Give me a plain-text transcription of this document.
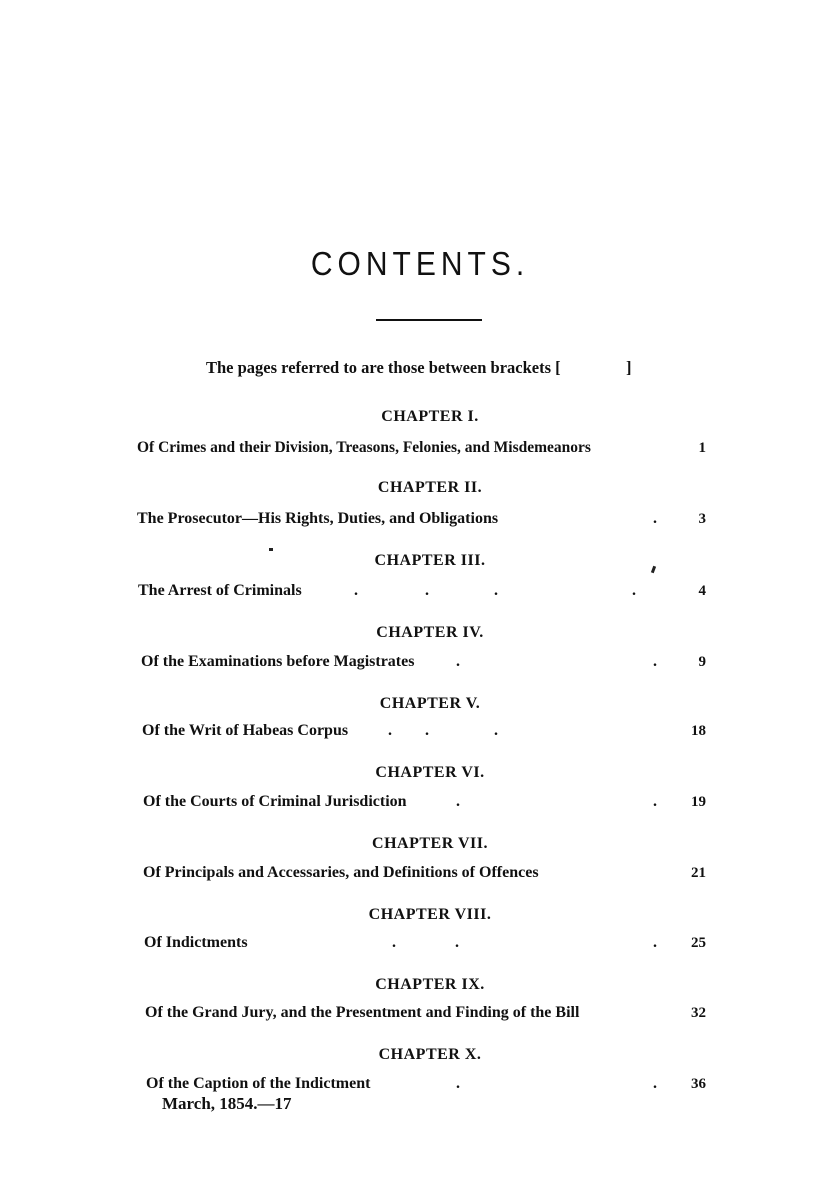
CONTENTS.
The pages referred to are those between brackets [	]
CHAPTER I.
Of Crimes and their Division, Treasons, Felonies, and Misdemeanors	1
CHAPTER II.
The Prosecutor—His Rights, Duties, and Obligations	.	3
CHAPTER III.
The Arrest of Criminals	.	.	.	.	4
CHAPTER IV.
Of the Examinations before Magistrates	.	.	9
CHAPTER V.
Of the Writ of Habeas Corpus . .	.	18
CHAPTER VI.
Of the Courts of Criminal Jurisdiction	.	.	19
CHAPTER VII.
Of Principals and Accessaries, and Definitions of Offences	21
CHAPTER VIII.
Of Indictments	.	.	.	25
CHAPTER IX.
Of the Grand Jury, and the Presentment and Finding of the Bill	32
CHAPTER X.
Of the Caption of the Indictment	.	.	36
March, 1854.—17
